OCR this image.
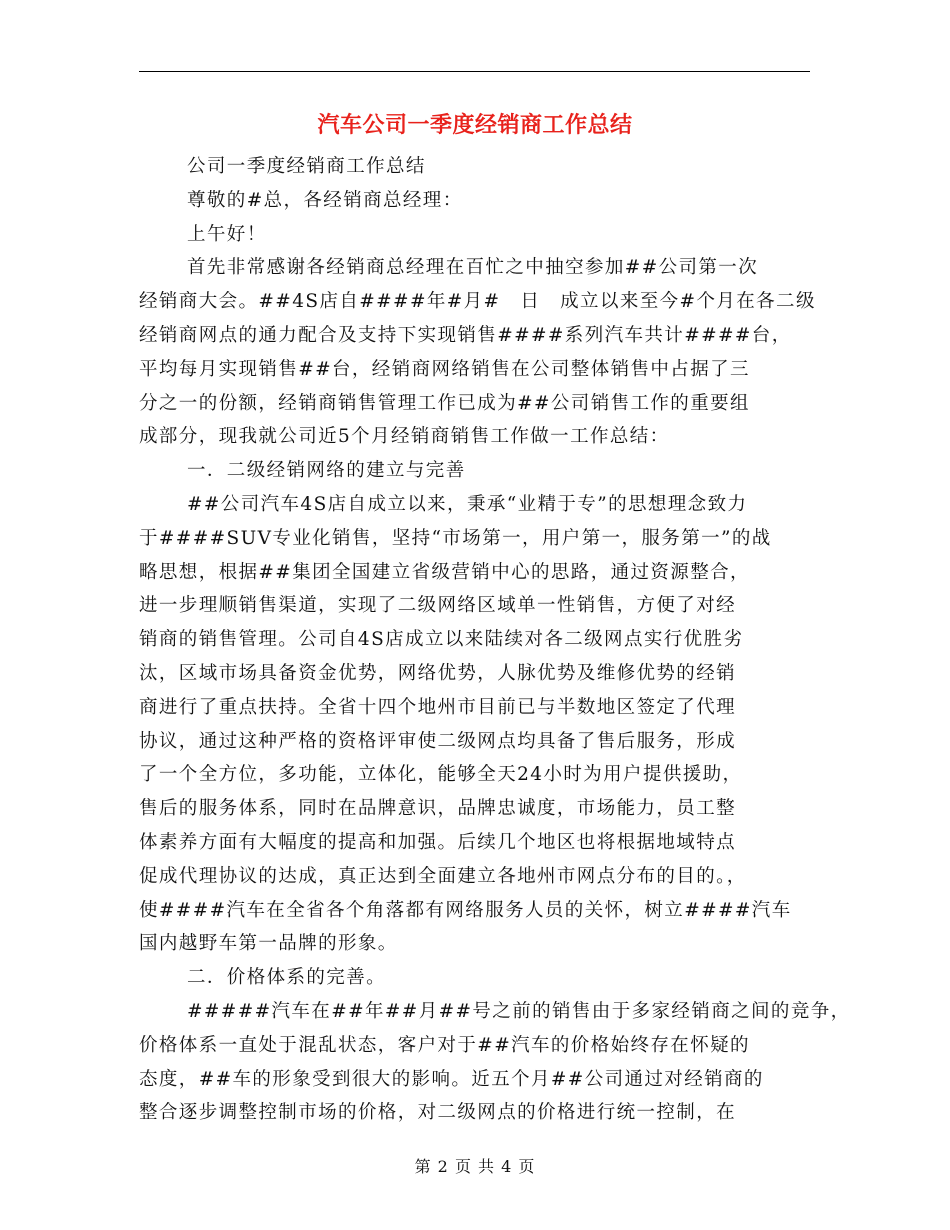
汽车公司一季度经销商工作总结
公司一季度经销商工作总结
尊敬的#总，各经销商总经理：
上午好！
首先非常感谢各经销商总经理在百忙之中抽空参加##公司第一次
经销商大会。##4S店自####年#月#　日　成立以来至今#个月在各二级
经销商网点的通力配合及支持下实现销售####系列汽车共计####台，
平均每月实现销售##台，经销商网络销售在公司整体销售中占据了三
分之一的份额，经销商销售管理工作已成为##公司销售工作的重要组
成部分，现我就公司近5个月经销商销售工作做一工作总结：
一．二级经销网络的建立与完善
##公司汽车4S店自成立以来，秉承“业精于专”的思想理念致力
于####SUV专业化销售，坚持“市场第一，用户第一，服务第一”的战
略思想，根据##集团全国建立省级营销中心的思路，通过资源整合，
进一步理顺销售渠道，实现了二级网络区域单一性销售，方便了对经
销商的销售管理。公司自4S店成立以来陆续对各二级网点实行优胜劣
汰，区域市场具备资金优势，网络优势，人脉优势及维修优势的经销
商进行了重点扶持。全省十四个地州市目前已与半数地区签定了代理
协议，通过这种严格的资格评审使二级网点均具备了售后服务，形成
了一个全方位，多功能，立体化，能够全天24小时为用户提供援助，
售后的服务体系，同时在品牌意识，品牌忠诚度，市场能力，员工整
体素养方面有大幅度的提高和加强。后续几个地区也将根据地域特点
促成代理协议的达成，真正达到全面建立各地州市网点分布的目的。，
使####汽车在全省各个角落都有网络服务人员的关怀，树立####汽车
国内越野车第一品牌的形象。
二．价格体系的完善。
#####汽车在##年##月##号之前的销售由于多家经销商之间的竞争，
价格体系一直处于混乱状态，客户对于##汽车的价格始终存在怀疑的
态度，##车的形象受到很大的影响。近五个月##公司通过对经销商的
整合逐步调整控制市场的价格，对二级网点的价格进行统一控制，在
第 2 页 共 4 页
